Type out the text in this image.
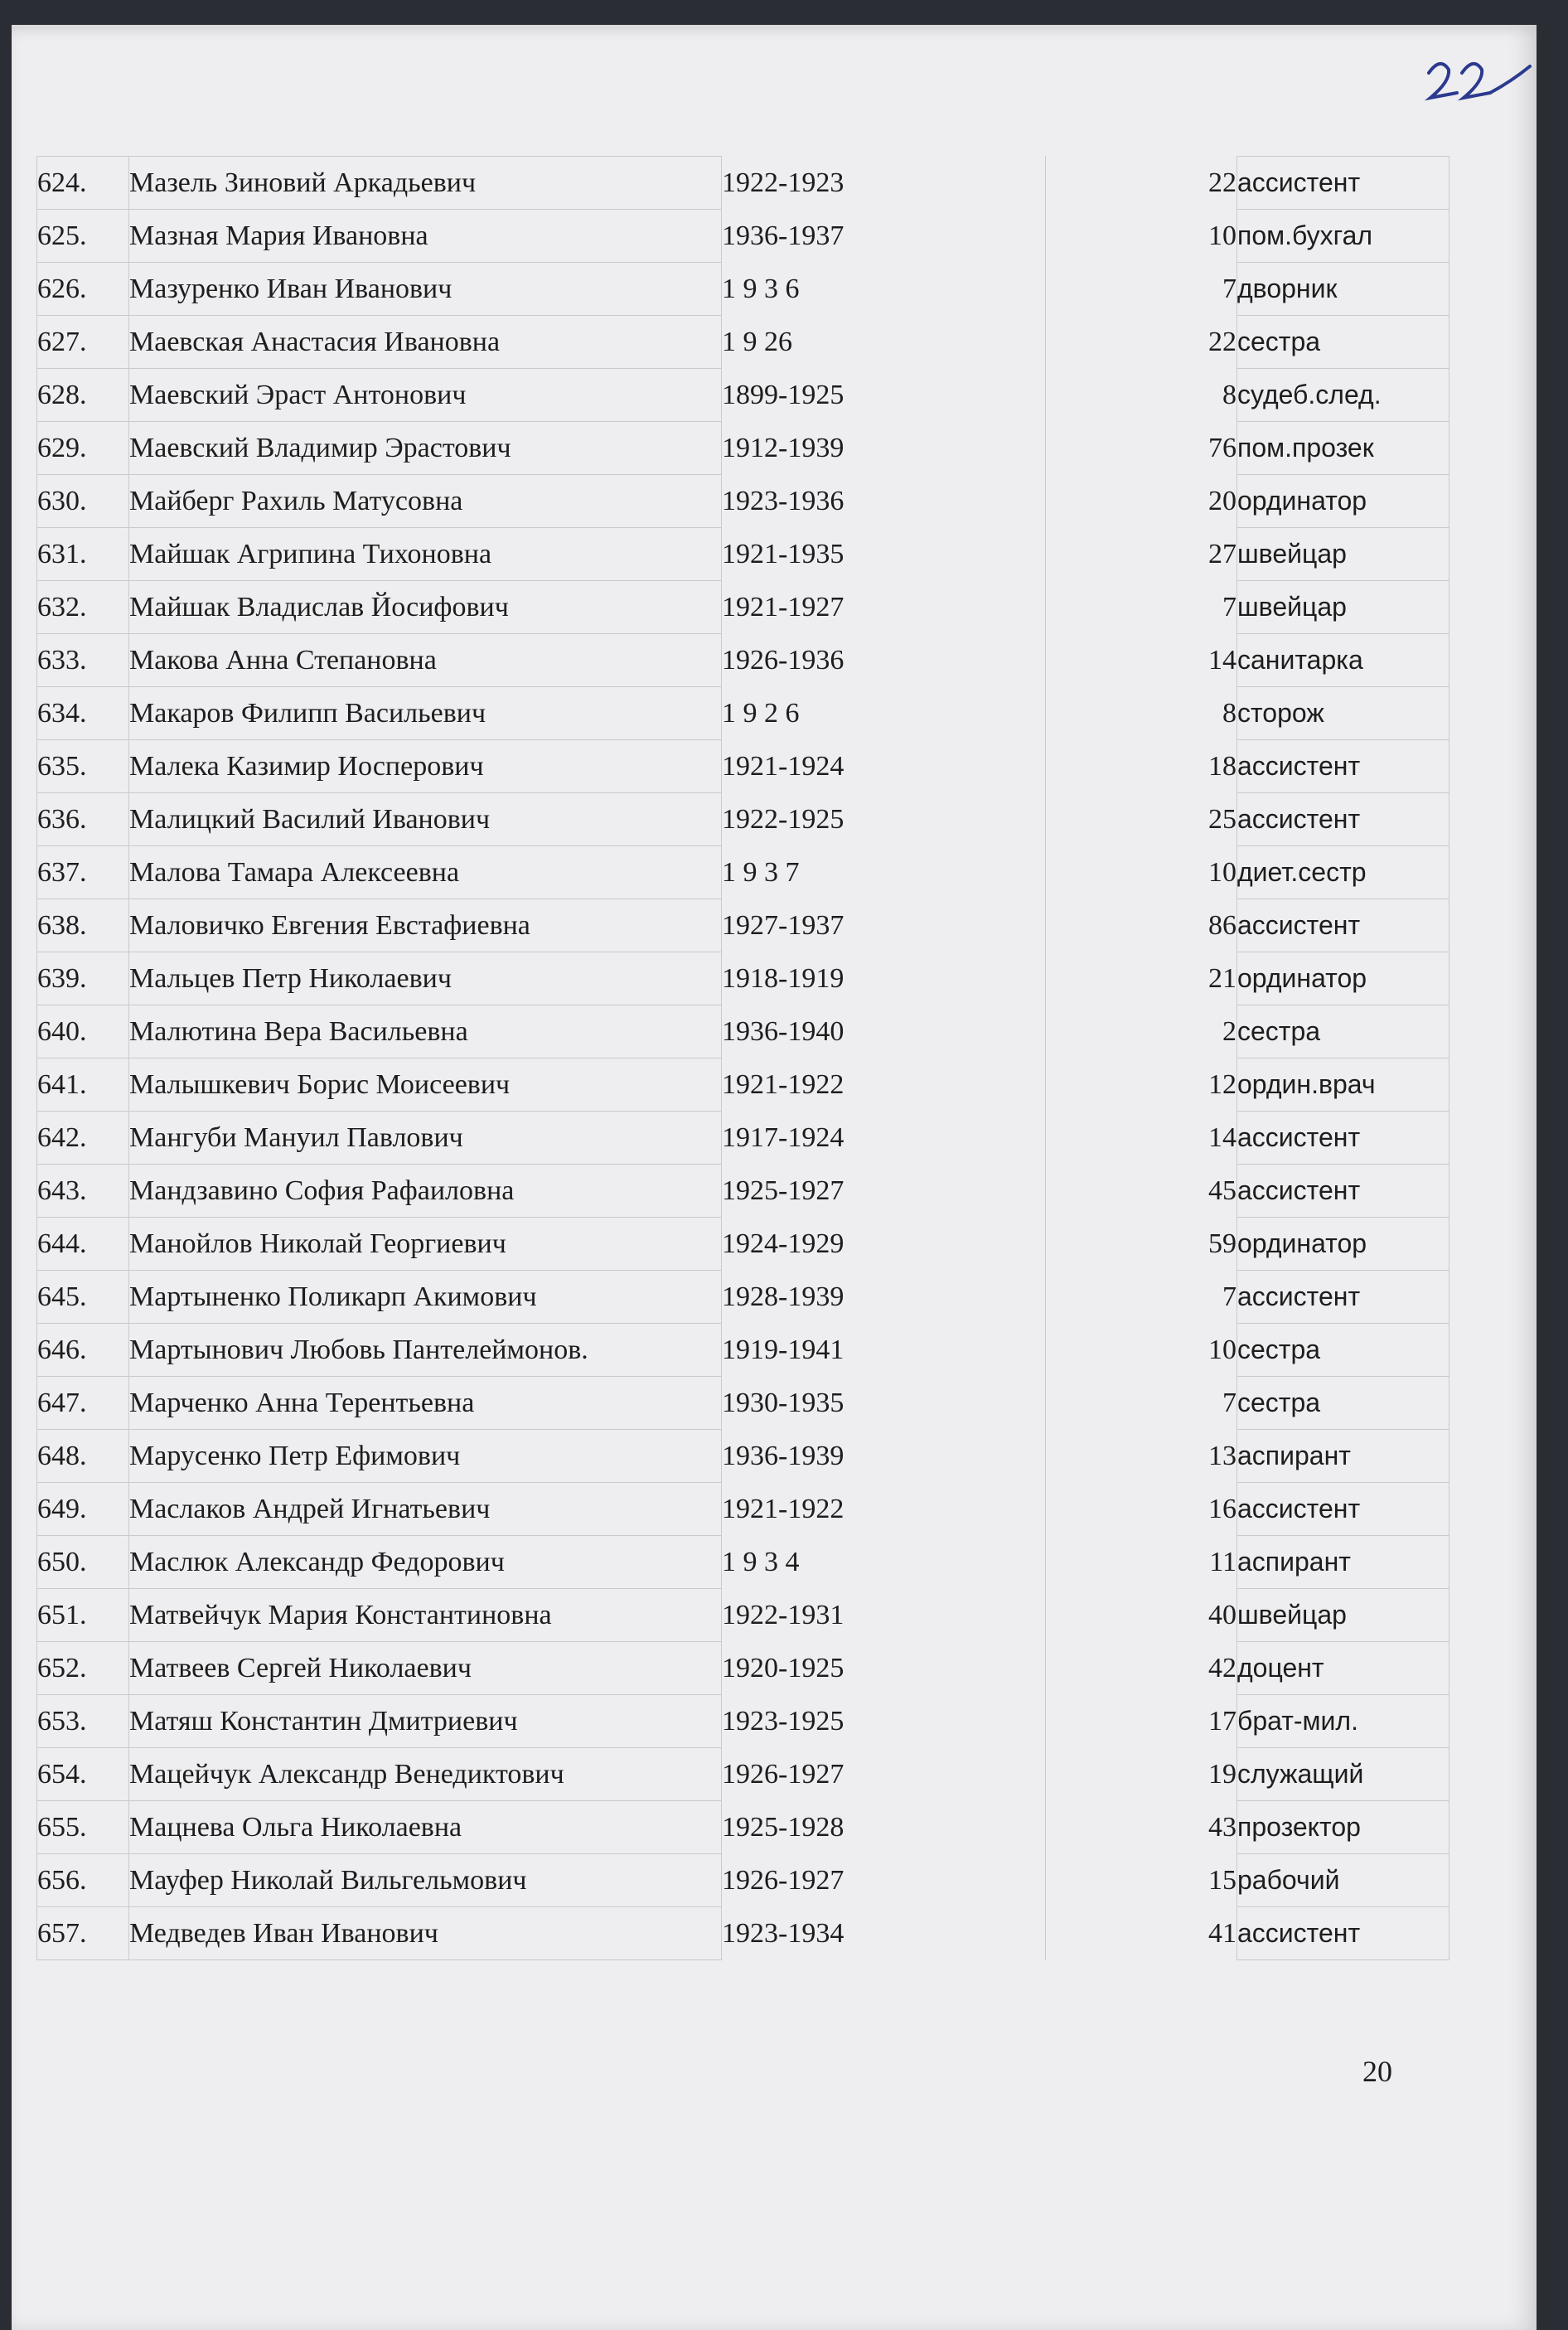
624.	Мазель Зиновий Аркадьевич	1922-1923	22	ассистент
625.	Мазная Мария Ивановна	1936-1937	10	пом.бухгал
626.	Мазуренко Иван Иванович	1 9 3 6	7	дворник
627.	Маевская Анастасия Ивановна	1 9 26	22	сестра
628.	Маевский Эраст Антонович	1899-1925	8	судеб.след.
629.	Маевский Владимир Эрастович	1912-1939	76	пом.прозек
630.	Майберг Рахиль Матусовна	1923-1936	20	ординатор
631.	Майшак Агрипина Тихоновна	1921-1935	27	швейцар
632.	Майшак Владислав Йосифович	1921-1927	7	швейцар
633.	Макова Анна Степановна	1926-1936	14	санитарка
634.	Макаров Филипп Васильевич	1 9 2 6	8	сторож
635.	Малека Казимир Иосперович	1921-1924	18	ассистент
636.	Малицкий Василий Иванович	1922-1925	25	ассистент
637.	Малова Тамара Алексеевна	1 9 3 7	10	диет.сестр
638.	Маловичко Евгения Евстафиевна	1927-1937	86	ассистент
639.	Мальцев Петр Николаевич	1918-1919	21	ординатор
640.	Малютина Вера Васильевна	1936-1940	2	сестра
641.	Малышкевич Борис Моисеевич	1921-1922	12	ордин.врач
642.	Мангуби Мануил Павлович	1917-1924	14	ассистент
643.	Мандзавино София Рафаиловна	1925-1927	45	ассистент
644.	Манойлов Николай Георгиевич	1924-1929	59	ординатор
645.	Мартыненко Поликарп Акимович	1928-1939	7	ассистент
646.	Мартынович Любовь Пантелеймонов.	1919-1941	10	сестра
647.	Марченко Анна Терентьевна	1930-1935	7	сестра
648.	Марусенко Петр Ефимович	1936-1939	13	аспирант
649.	Маслаков Андрей Игнатьевич	1921-1922	16	ассистент
650.	Маслюк Александр Федорович	1 9 3 4	11	аспирант
651.	Матвейчук Мария Константиновна	1922-1931	40	швейцар
652.	Матвеев Сергей Николаевич	1920-1925	42	доцент
653.	Матяш Константин Дмитриевич	1923-1925	17	брат-мил.
654.	Мацейчук Александр Венедиктович	1926-1927	19	служащий
655.	Мацнева Ольга Николаевна	1925-1928	43	прозектор
656.	Мауфер Николай Вильгельмович	1926-1927	15	рабочий
657.	Медведев Иван Иванович	1923-1934	41	ассистент
20
